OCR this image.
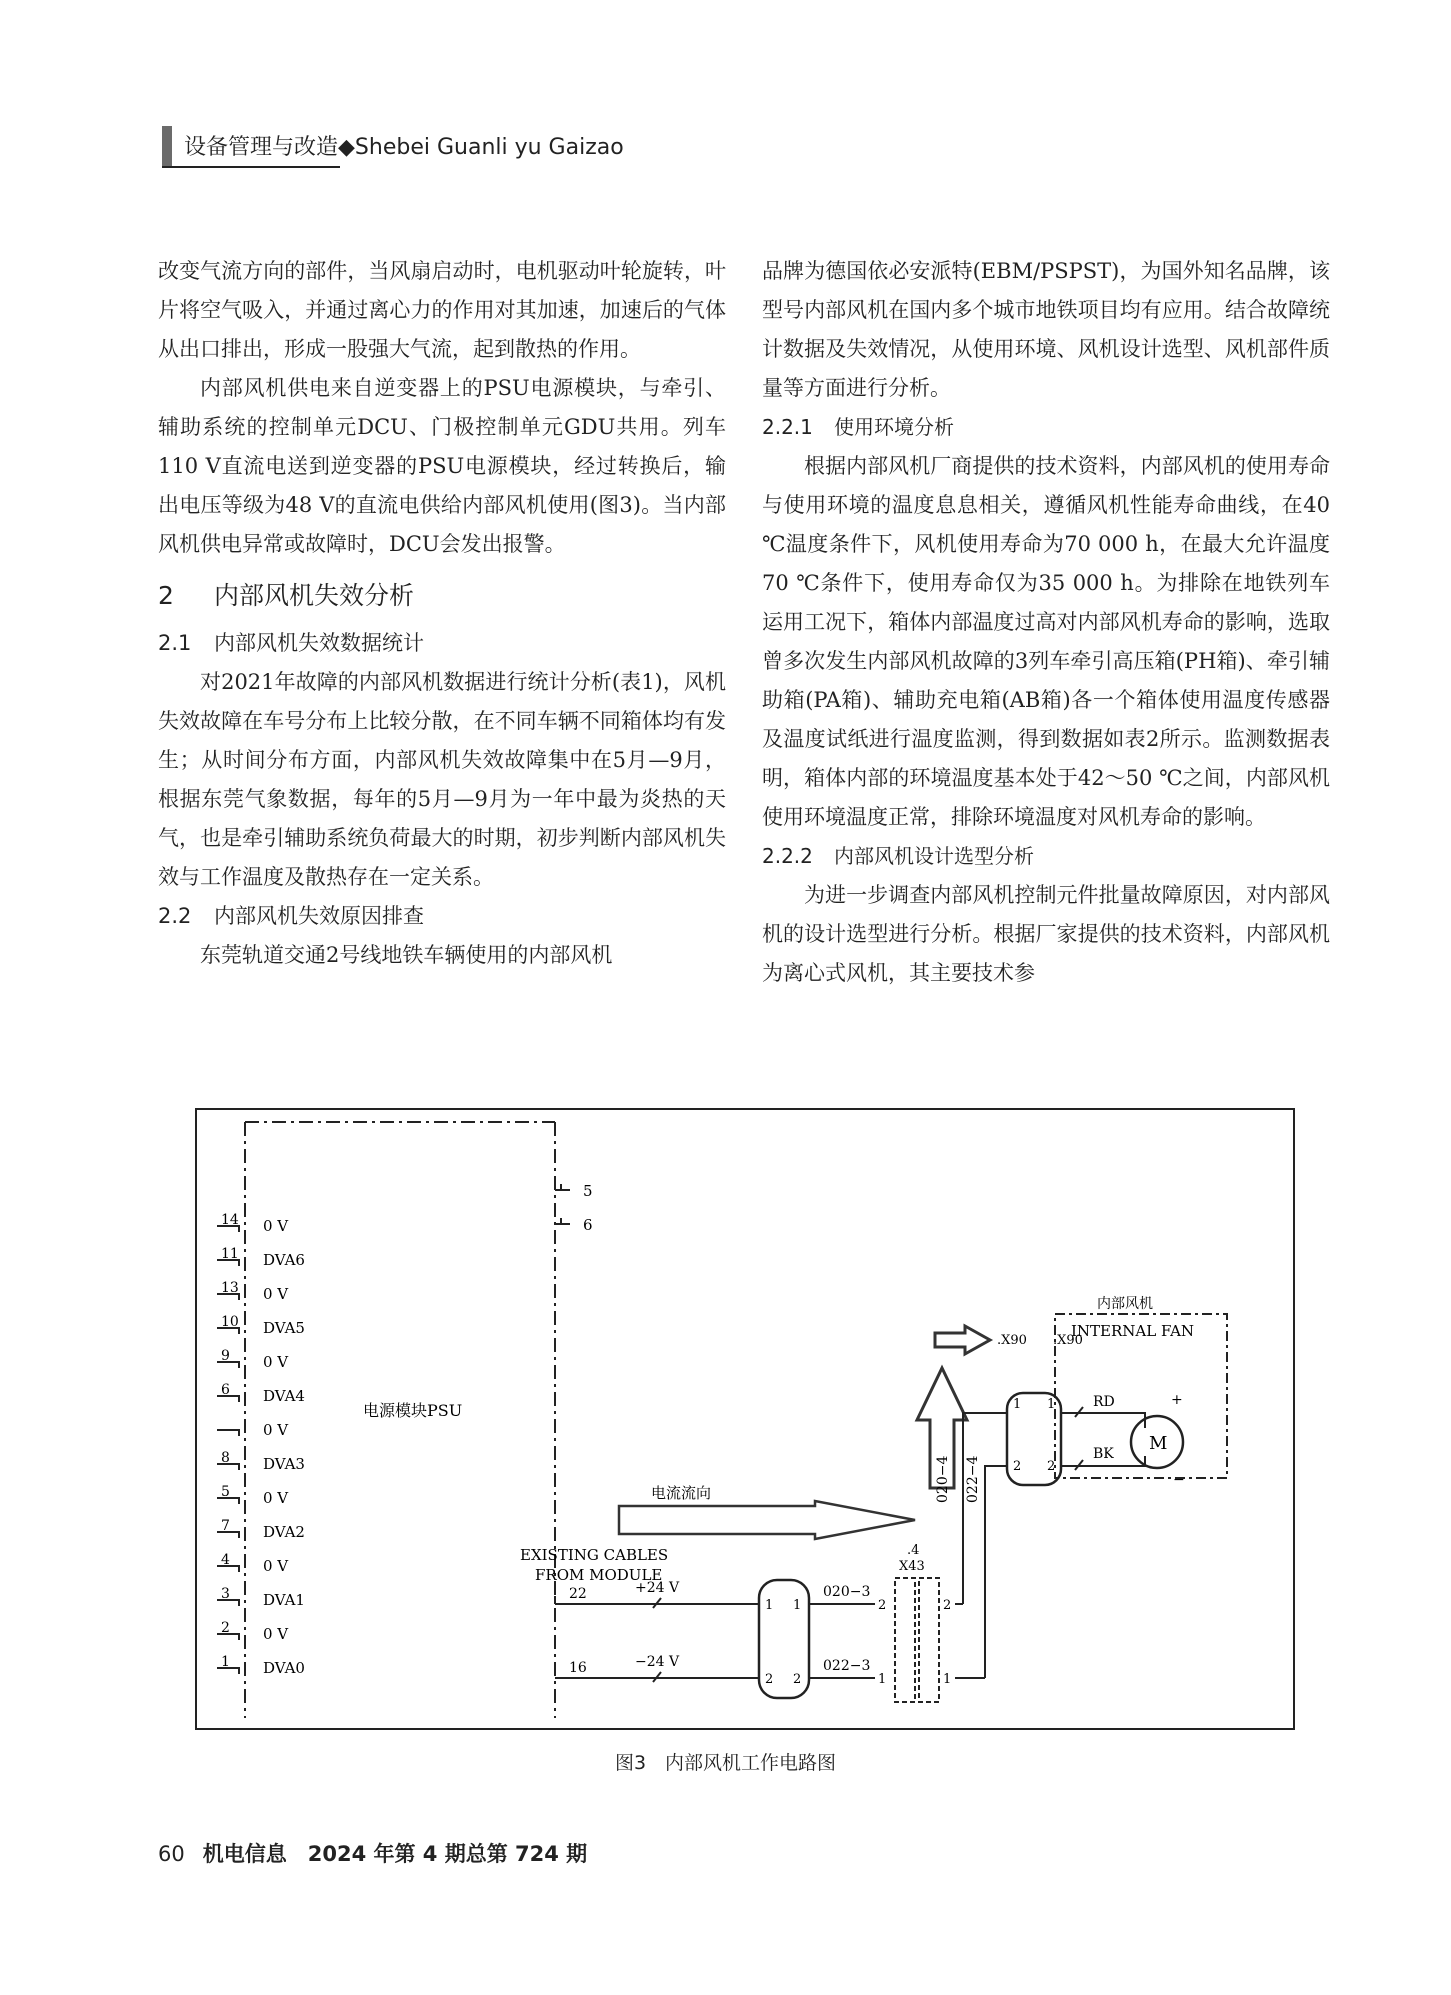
设备管理与改造◆Shebei Guanli yu Gaizao

改变气流方向的部件，当风扇启动时，电机驱动叶轮旋转，叶片将空气吸入，并通过离心力的作用对其加速，加速后的气体从出口排出，形成一股强大气流，起到散热的作用。

内部风机供电来自逆变器上的PSU电源模块，与牵引、辅助系统的控制单元DCU、门极控制单元GDU共用。列车110 V直流电送到逆变器的PSU电源模块，经过转换后，输出电压等级为48 V的直流电供给内部风机使用(图3)。当内部风机供电异常或故障时，DCU会发出报警。

2 内部风机失效分析
2.1 内部风机失效数据统计

对2021年故障的内部风机数据进行统计分析(表1)，风机失效故障在车号分布上比较分散，在不同车辆不同箱体均有发生；从时间分布方面，内部风机失效故障集中在5月—9月，根据东莞气象数据，每年的5月—9月为一年中最为炎热的天气，也是牵引辅助系统负荷最大的时期，初步判断内部风机失效与工作温度及散热存在一定关系。

2.2 内部风机失效原因排查

东莞轨道交通2号线地铁车辆使用的内部风机

品牌为德国依必安派特(EBM/PSPST)，为国外知名品牌，该型号内部风机在国内多个城市地铁项目均有应用。结合故障统计数据及失效情况，从使用环境、风机设计选型、风机部件质量等方面进行分析。

2.2.1 使用环境分析

根据内部风机厂商提供的技术资料，内部风机的使用寿命与使用环境的温度息息相关，遵循风机性能寿命曲线，在40 ℃温度条件下，风机使用寿命为70 000 h，在最大允许温度70 ℃条件下，使用寿命仅为35 000 h。为排除在地铁列车运用工况下，箱体内部温度过高对内部风机寿命的影响，选取曾多次发生内部风机故障的3列车牵引高压箱(PH箱)、牵引辅助箱(PA箱)、辅助充电箱(AB箱)各一个箱体使用温度传感器及温度试纸进行温度监测，得到数据如表2所示。监测数据表明，箱体内部的环境温度基本处于42～50 ℃之间，内部风机使用环境温度正常，排除环境温度对风机寿命的影响。

2.2.2 内部风机设计选型分析

为进一步调查内部风机控制元件批量故障原因，对内部风机的设计选型进行分析。根据厂家提供的技术资料，内部风机为离心式风机，其主要技术参

电源模块PSU
5
6
14 0 V
11 DVA6
13 0 V
10 DVA5
9 0 V
6 DVA4
0 V
8 DVA3
5 0 V
7 DVA2
4 0 V
3 DVA1
2 0 V
1 DVA0
EXISTING CABLES
FROM MODULE
电流流向
22
16
+24 V
−24 V
1 1
2 2
020−3
022−3
.4
X43
2	2
1	1
020−4 022−4
.X90 .X90
1 1
2 2
内部风机
INTERNAL FAN
RD
BK M
+
−
图3　内部风机工作电路图
60 机电信息　2024 年第 4 期总第 724 期
